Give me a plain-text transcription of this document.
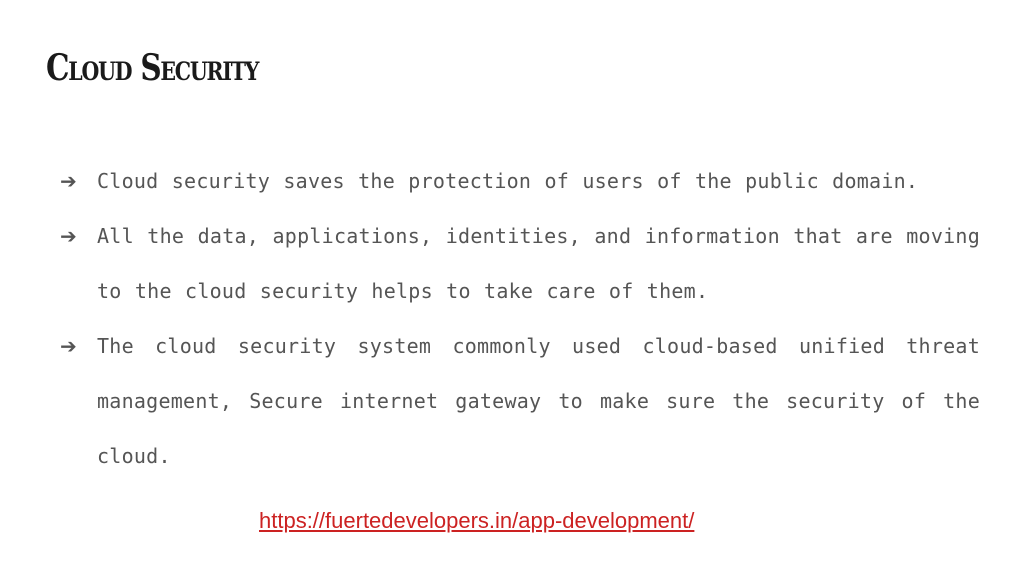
Cloud Security
➔	Cloud security saves the protection of users of the public domain.
➔	All the data, applications, identities, and information that are moving to the cloud security helps to take care of them.
➔	The cloud security system commonly used cloud-based unified threat management, Secure internet gateway to make sure the security of the cloud.
https://fuertedevelopers.in/app-development/
